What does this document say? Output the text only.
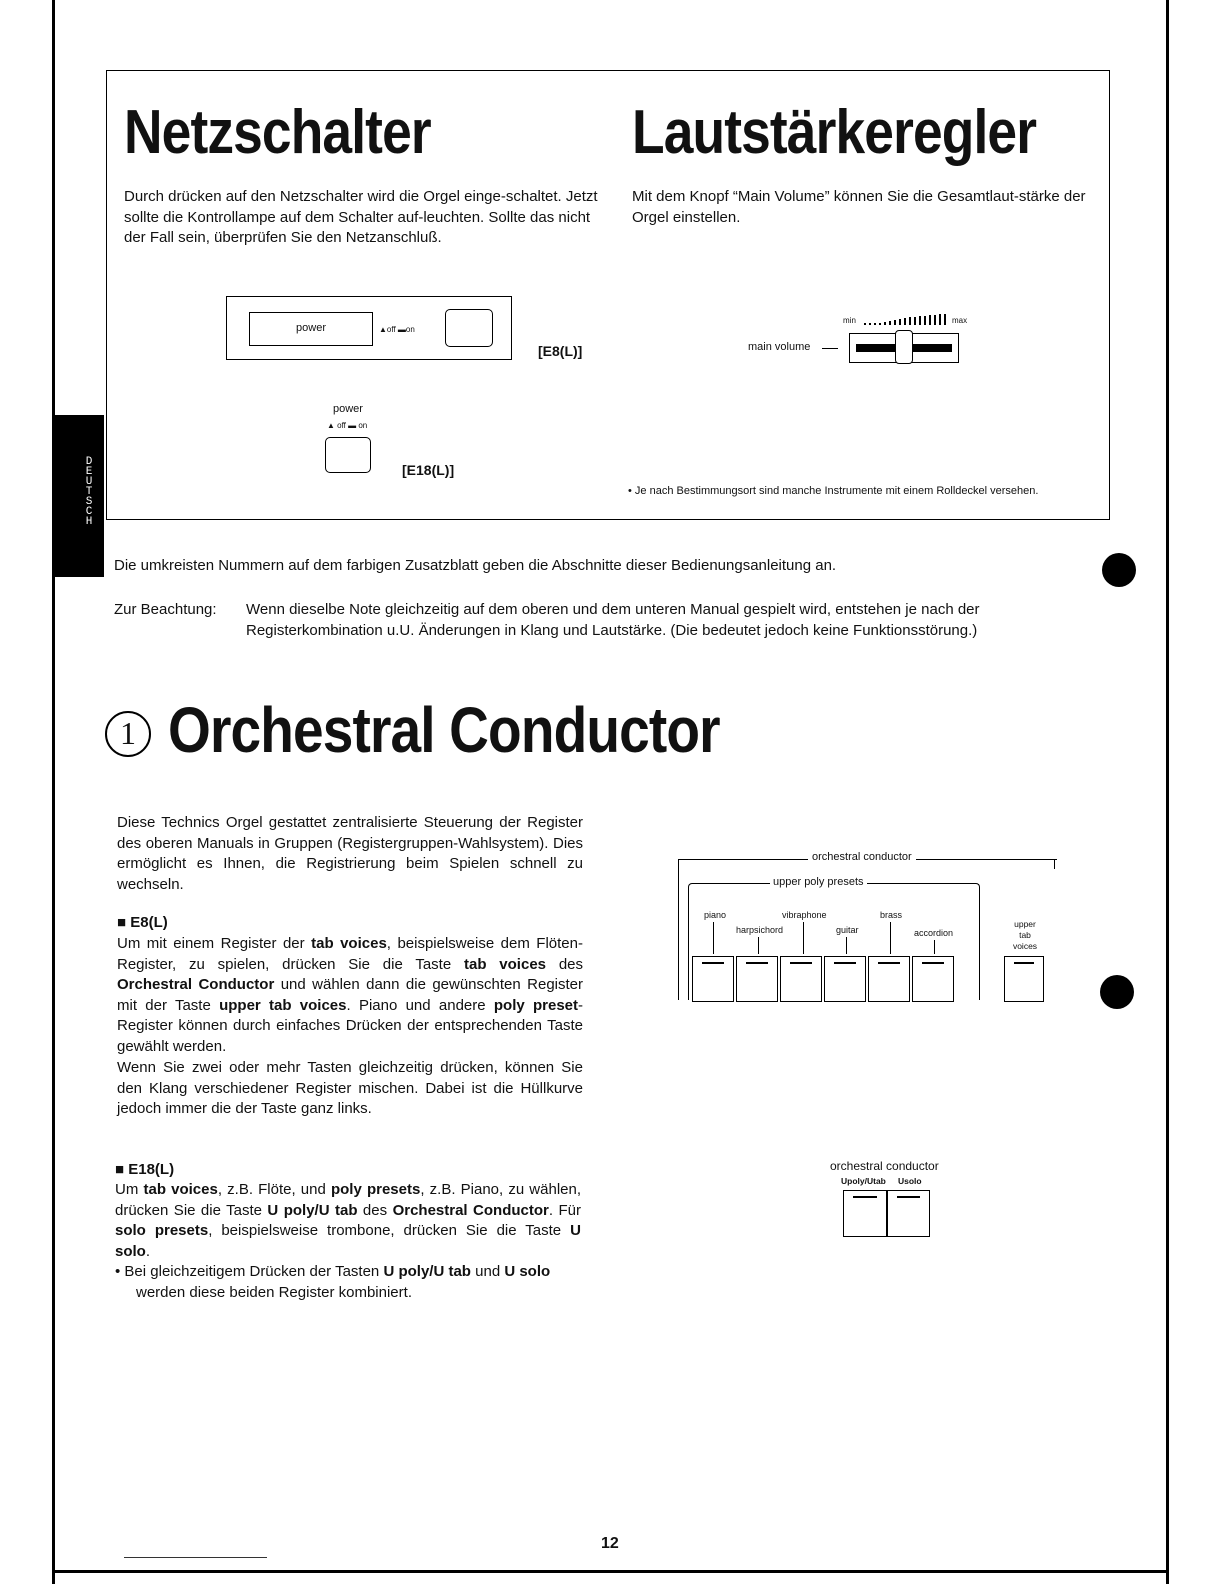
D
E
U
T
S
C
H
Netzschalter	Lautstärkeregler
Durch drücken auf den Netzschalter wird die Orgel einge-schaltet. Jetzt sollte die Kontrollampe auf dem Schalter auf-leuchten. Sollte das nicht der Fall sein, überprüfen Sie den Netzanschluß.
Mit dem Knopf “Main Volume” können Sie die Gesamtlaut-stärke der Orgel einstellen.
power	▲off ▬on
[E8(L)]
power
▲ off ▬ on
[E18(L)]
min	max
main volume
• Je nach Bestimmungsort sind manche Instrumente mit einem Rolldeckel versehen.
Die umkreisten Nummern auf dem farbigen Zusatzblatt geben die Abschnitte dieser Bedienungsanleitung an.
Zur Beachtung: Wenn dieselbe Note gleichzeitig auf dem oberen und dem unteren Manual gespielt wird, entstehen je nach der Registerkombination u.U. Änderungen in Klang und Lautstärke. (Die bedeutet jedoch keine Funktionsstörung.)
1 Orchestral Conductor
Diese Technics Orgel gestattet zentralisierte Steuerung der Register des oberen Manuals in Gruppen (Registergruppen-Wahlsystem). Dies ermöglicht es Ihnen, die Registrierung beim Spielen schnell zu wechseln.
■ E8(L)
Um mit einem Register der tab voices, beispielsweise dem Flöten-Register, zu spielen, drücken Sie die Taste tab voices des Orchestral Conductor und wählen dann die gewünschten Register mit der Taste upper tab voices. Piano und andere poly preset-Register können durch einfaches Drücken der entsprechenden Taste gewählt werden.
Wenn Sie zwei oder mehr Tasten gleichzeitig drücken, können Sie den Klang verschiedener Register mischen. Dabei ist die Hüllkurve jedoch immer die der Taste ganz links.
■ E18(L)
Um tab voices, z.B. Flöte, und poly presets, z.B. Piano, zu wählen, drücken Sie die Taste U poly/U tab des Orchestral Conductor. Für solo presets, beispielsweise trombone, drücken Sie die Taste U solo.
• Bei gleichzeitigem Drücken der Tasten U poly/U tab und U solo werden diese beiden Register kombiniert.
orchestral conductor
upper poly presets
piano
harpsichord
vibraphone
guitar
brass
accordion
upper tab voices
orchestral conductor
Upoly/Utab Usolo
12
